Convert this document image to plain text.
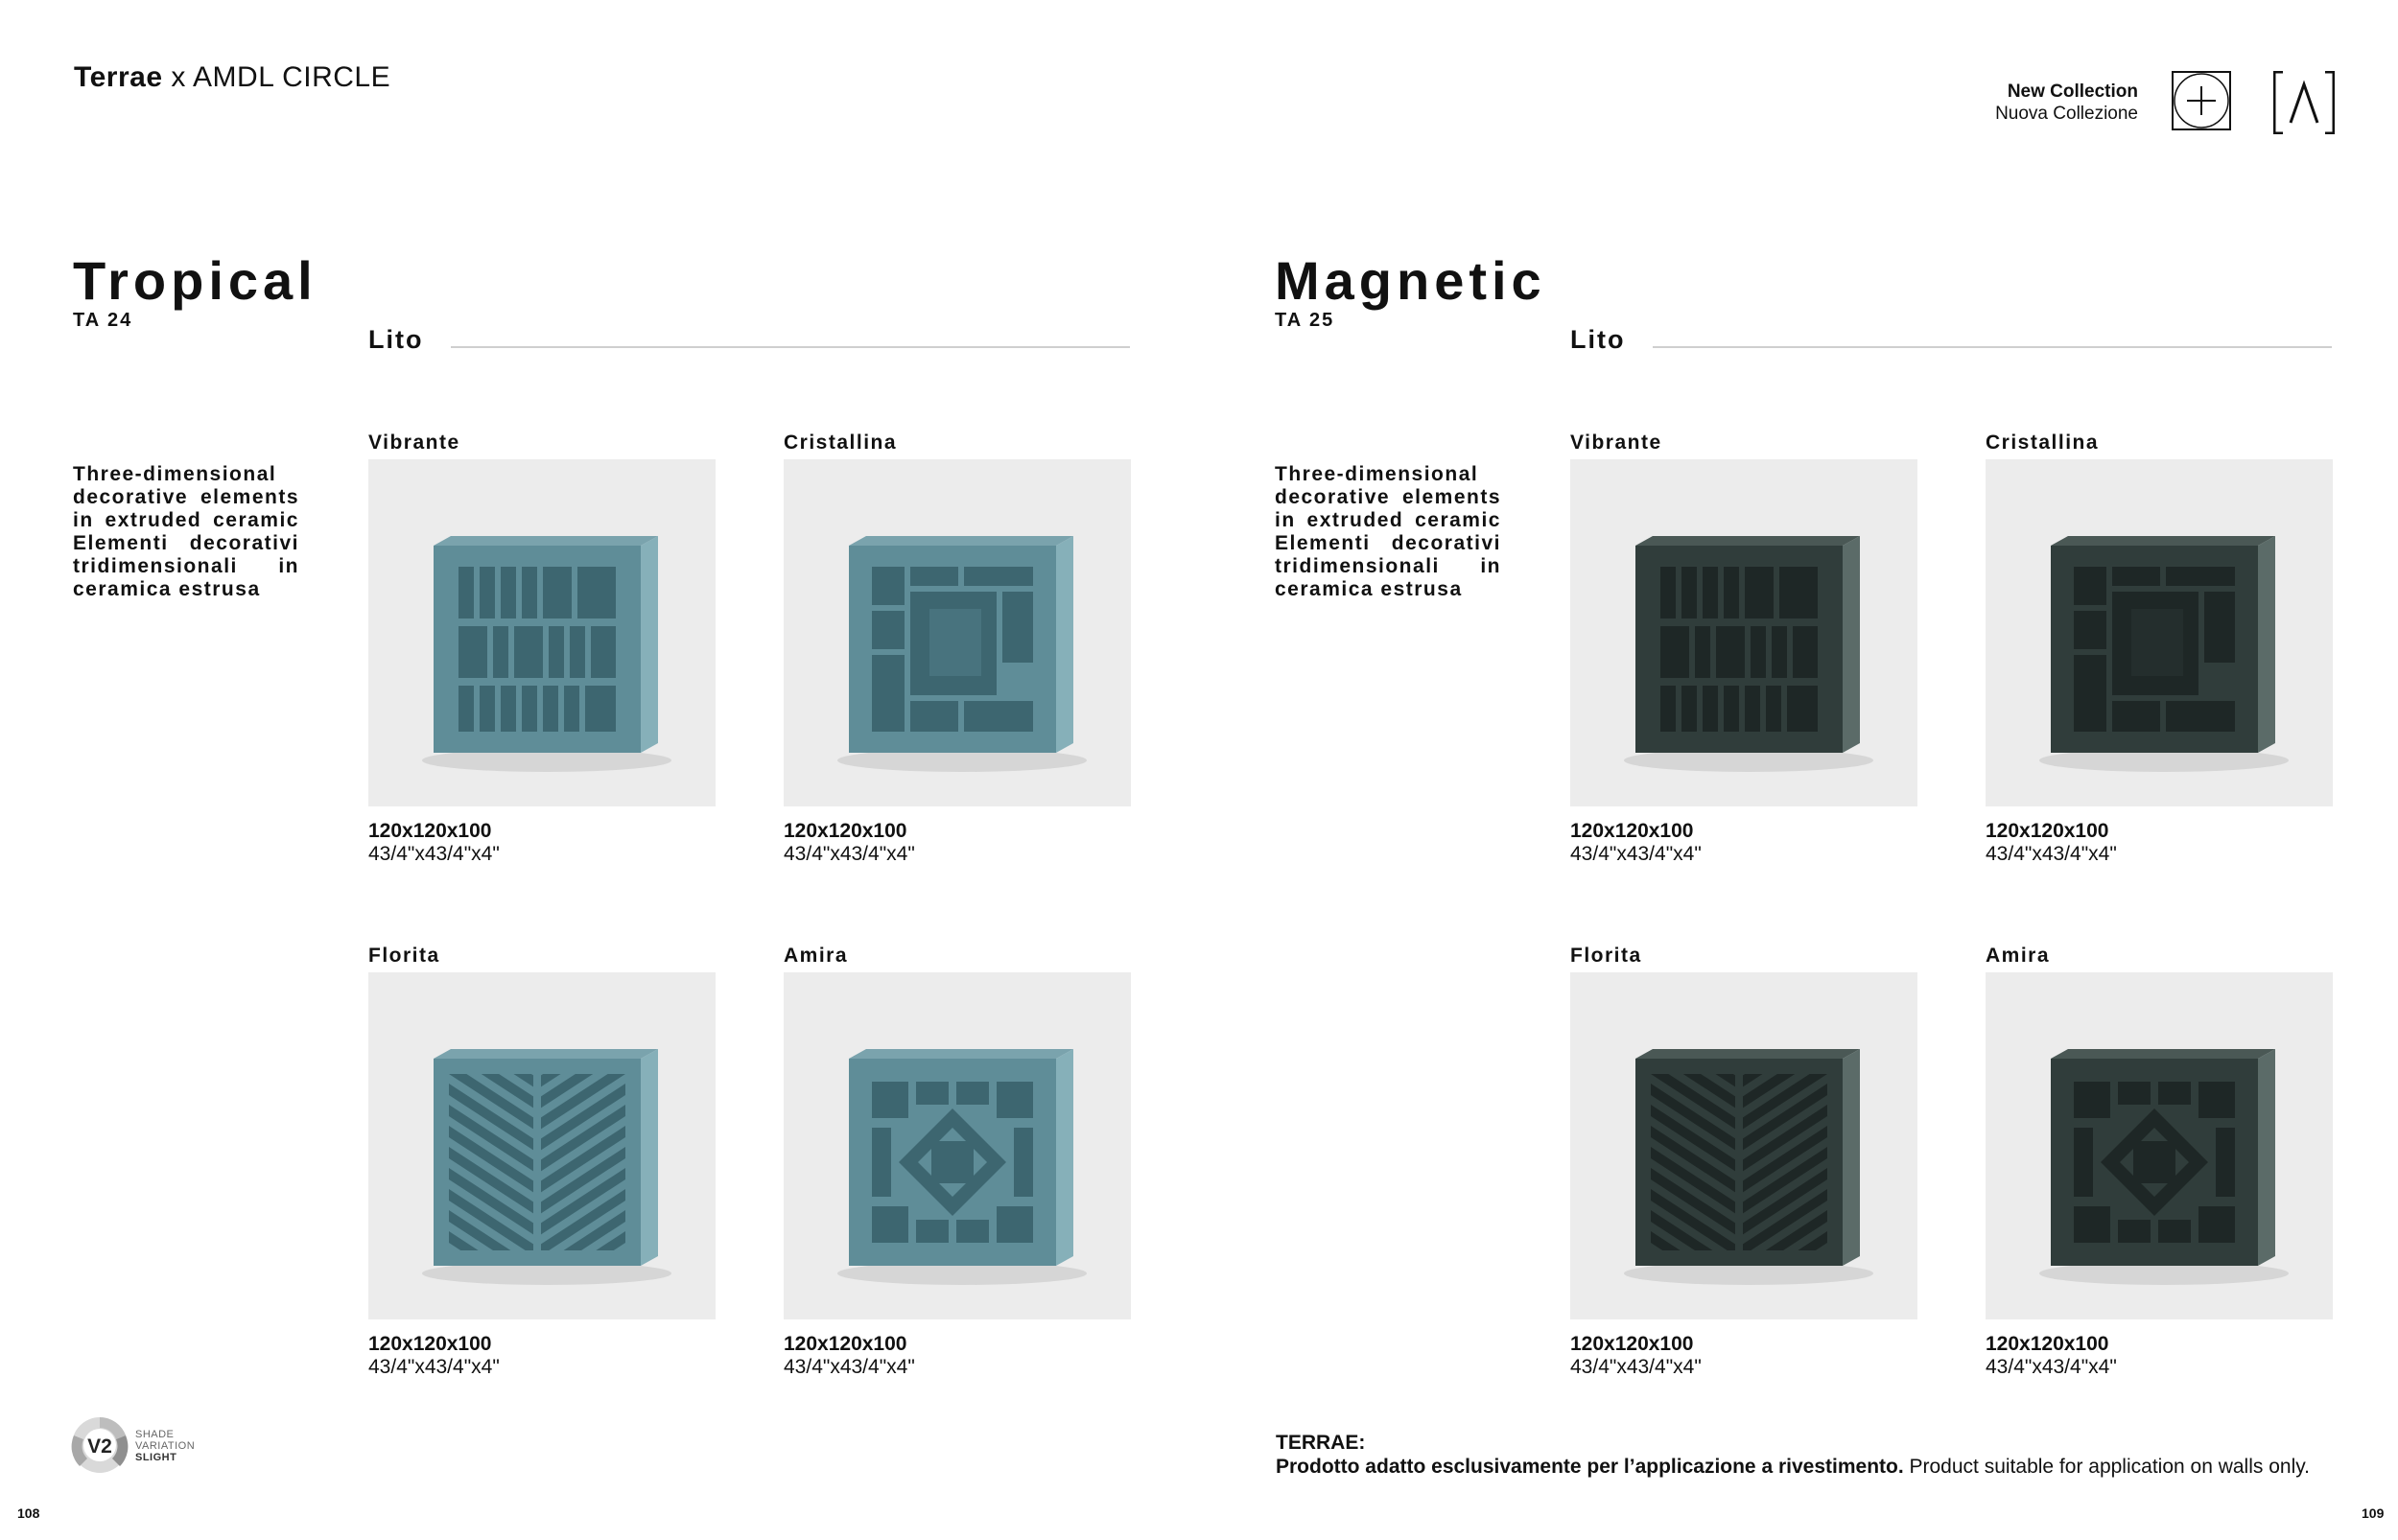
Terrae x AMDL CIRCLE	New Collection
Nuova Collezione
Tropical
TA 24
Lito
Three-dimensional decorative elements in extruded ceramic Elementi decorativi tridimensionali in ceramica estrusa
Vibrante
120x120x100
43/4"x43/4"x4"
Cristallina
120x120x100
43/4"x43/4"x4"
Florita
120x120x100
43/4"x43/4"x4"
Amira
120x120x100
43/4"x43/4"x4"
Magnetic
TA 25
Lito
Three-dimensional decorative elements in extruded ceramic Elementi decorativi tridimensionali in ceramica estrusa
Vibrante
120x120x100
43/4"x43/4"x4"
Cristallina
120x120x100
43/4"x43/4"x4"
Florita
120x120x100
43/4"x43/4"x4"
Amira
120x120x100
43/4"x43/4"x4"
V2
SHADE
VARIATION
SLIGHT
TERRAE:
Prodotto adatto esclusivamente per l’applicazione a rivestimento. Product suitable for application on walls only.
108	109
